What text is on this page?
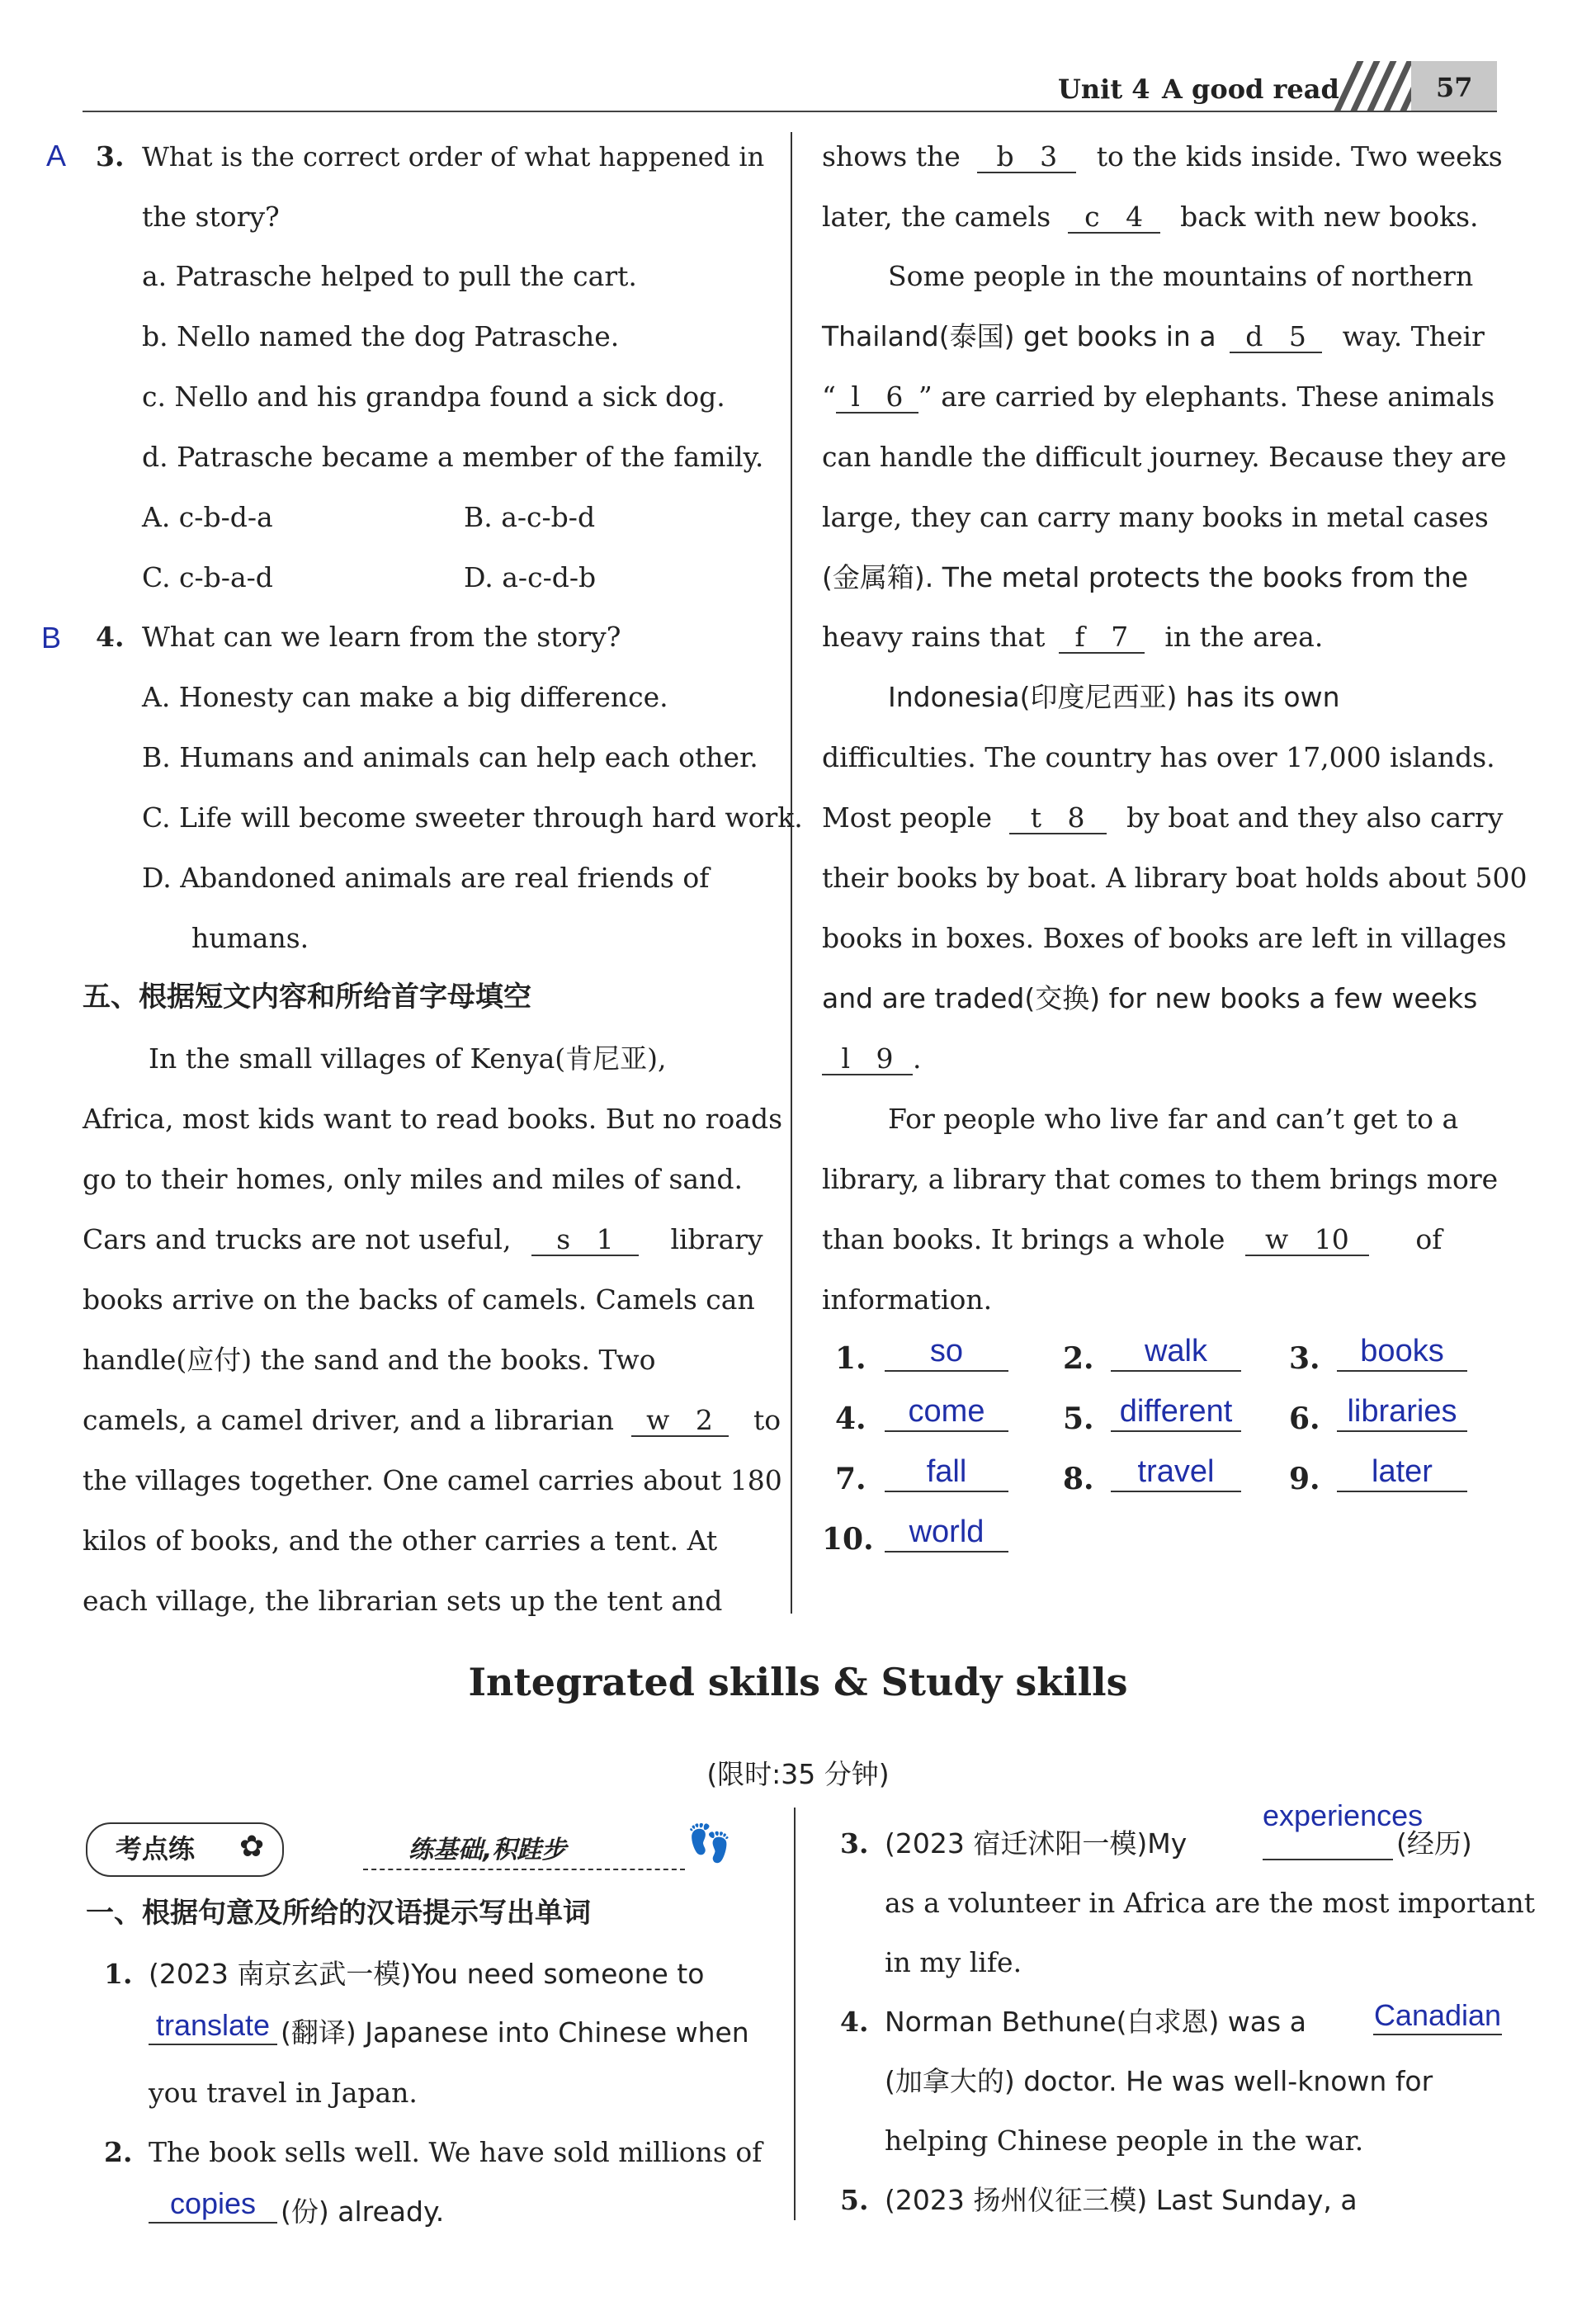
Unit 4 A good read	57
A 3. What is the correct order of what happened in
the story?
a. Patrasche helped to pull the cart.
b. Nello named the dog Patrasche.
c. Nello and his grandpa found a sick dog.
d. Patrasche became a member of the family.
A. c-b-d-a	B. a-c-b-d
C. c-b-a-d	D. a-c-d-b
B 4. What can we learn from the story?
A. Honesty can make a big difference.
B. Humans and animals can help each other.
C. Life will become sweeter through hard work.
D. Abandoned animals are real friends of
humans.
五、根据短文内容和所给首字母填空
In the small villages of Kenya(肯尼亚),
Africa, most kids want to read books. But no roads
go to their homes, only miles and miles of sand.
Cars and trucks are not useful, s 1 library
books arrive on the backs of camels. Camels can
handle(应付) the sand and the books. Two
camels, a camel driver, and a librarian w 2 to
the villages together. One camel carries about 180
kilos of books, and the other carries a tent. At
each village, the librarian sets up the tent and
shows the b 3 to the kids inside. Two weeks
later, the camels c 4 back with new books.
Some people in the mountains of northern
Thailand(泰国) get books in a d 5 way. Their
“ l 6 ” are carried by elephants. These animals
can handle the difficult journey. Because they are
large, they can carry many books in metal cases
(金属箱). The metal protects the books from the
heavy rains that f 7 in the area.
Indonesia(印度尼西亚) has its own
difficulties. The country has over 17,000 islands.
Most people t 8 by boat and they also carry
their books by boat. A library boat holds about 500
books in boxes. Boxes of books are left in villages
and are traded(交换) for new books a few weeks
l 9 .
For people who live far and can’t get to a
library, a library that comes to them brings more
than books. It brings a whole w 10 of
information.
1.	so	2.	walk	3.	books
4.	come	5. different 6. libraries
7.	fall	8.	travel	9.	later
10.	world
Integrated skills & Study skills
(限时:35 分钟)
考点练 ✿	练基础,积跬步	👣
一、根据句意及所给的汉语提示写出单词
1. (2023 南京玄武一模)You need someone to
translate (翻译) Japanese into Chinese when
you travel in Japan.
2. The book sells well. We have sold millions of
copies (份) already.
3. (2023 宿迁沭阳一模)My
experiences
(经历)
as a volunteer in Africa are the most important
in my life.
4. Norman Bethune(白求恩) was a Canadian
(加拿大的) doctor. He was well-known for
helping Chinese people in the war.
5. (2023 扬州仪征三模) Last Sunday, a
